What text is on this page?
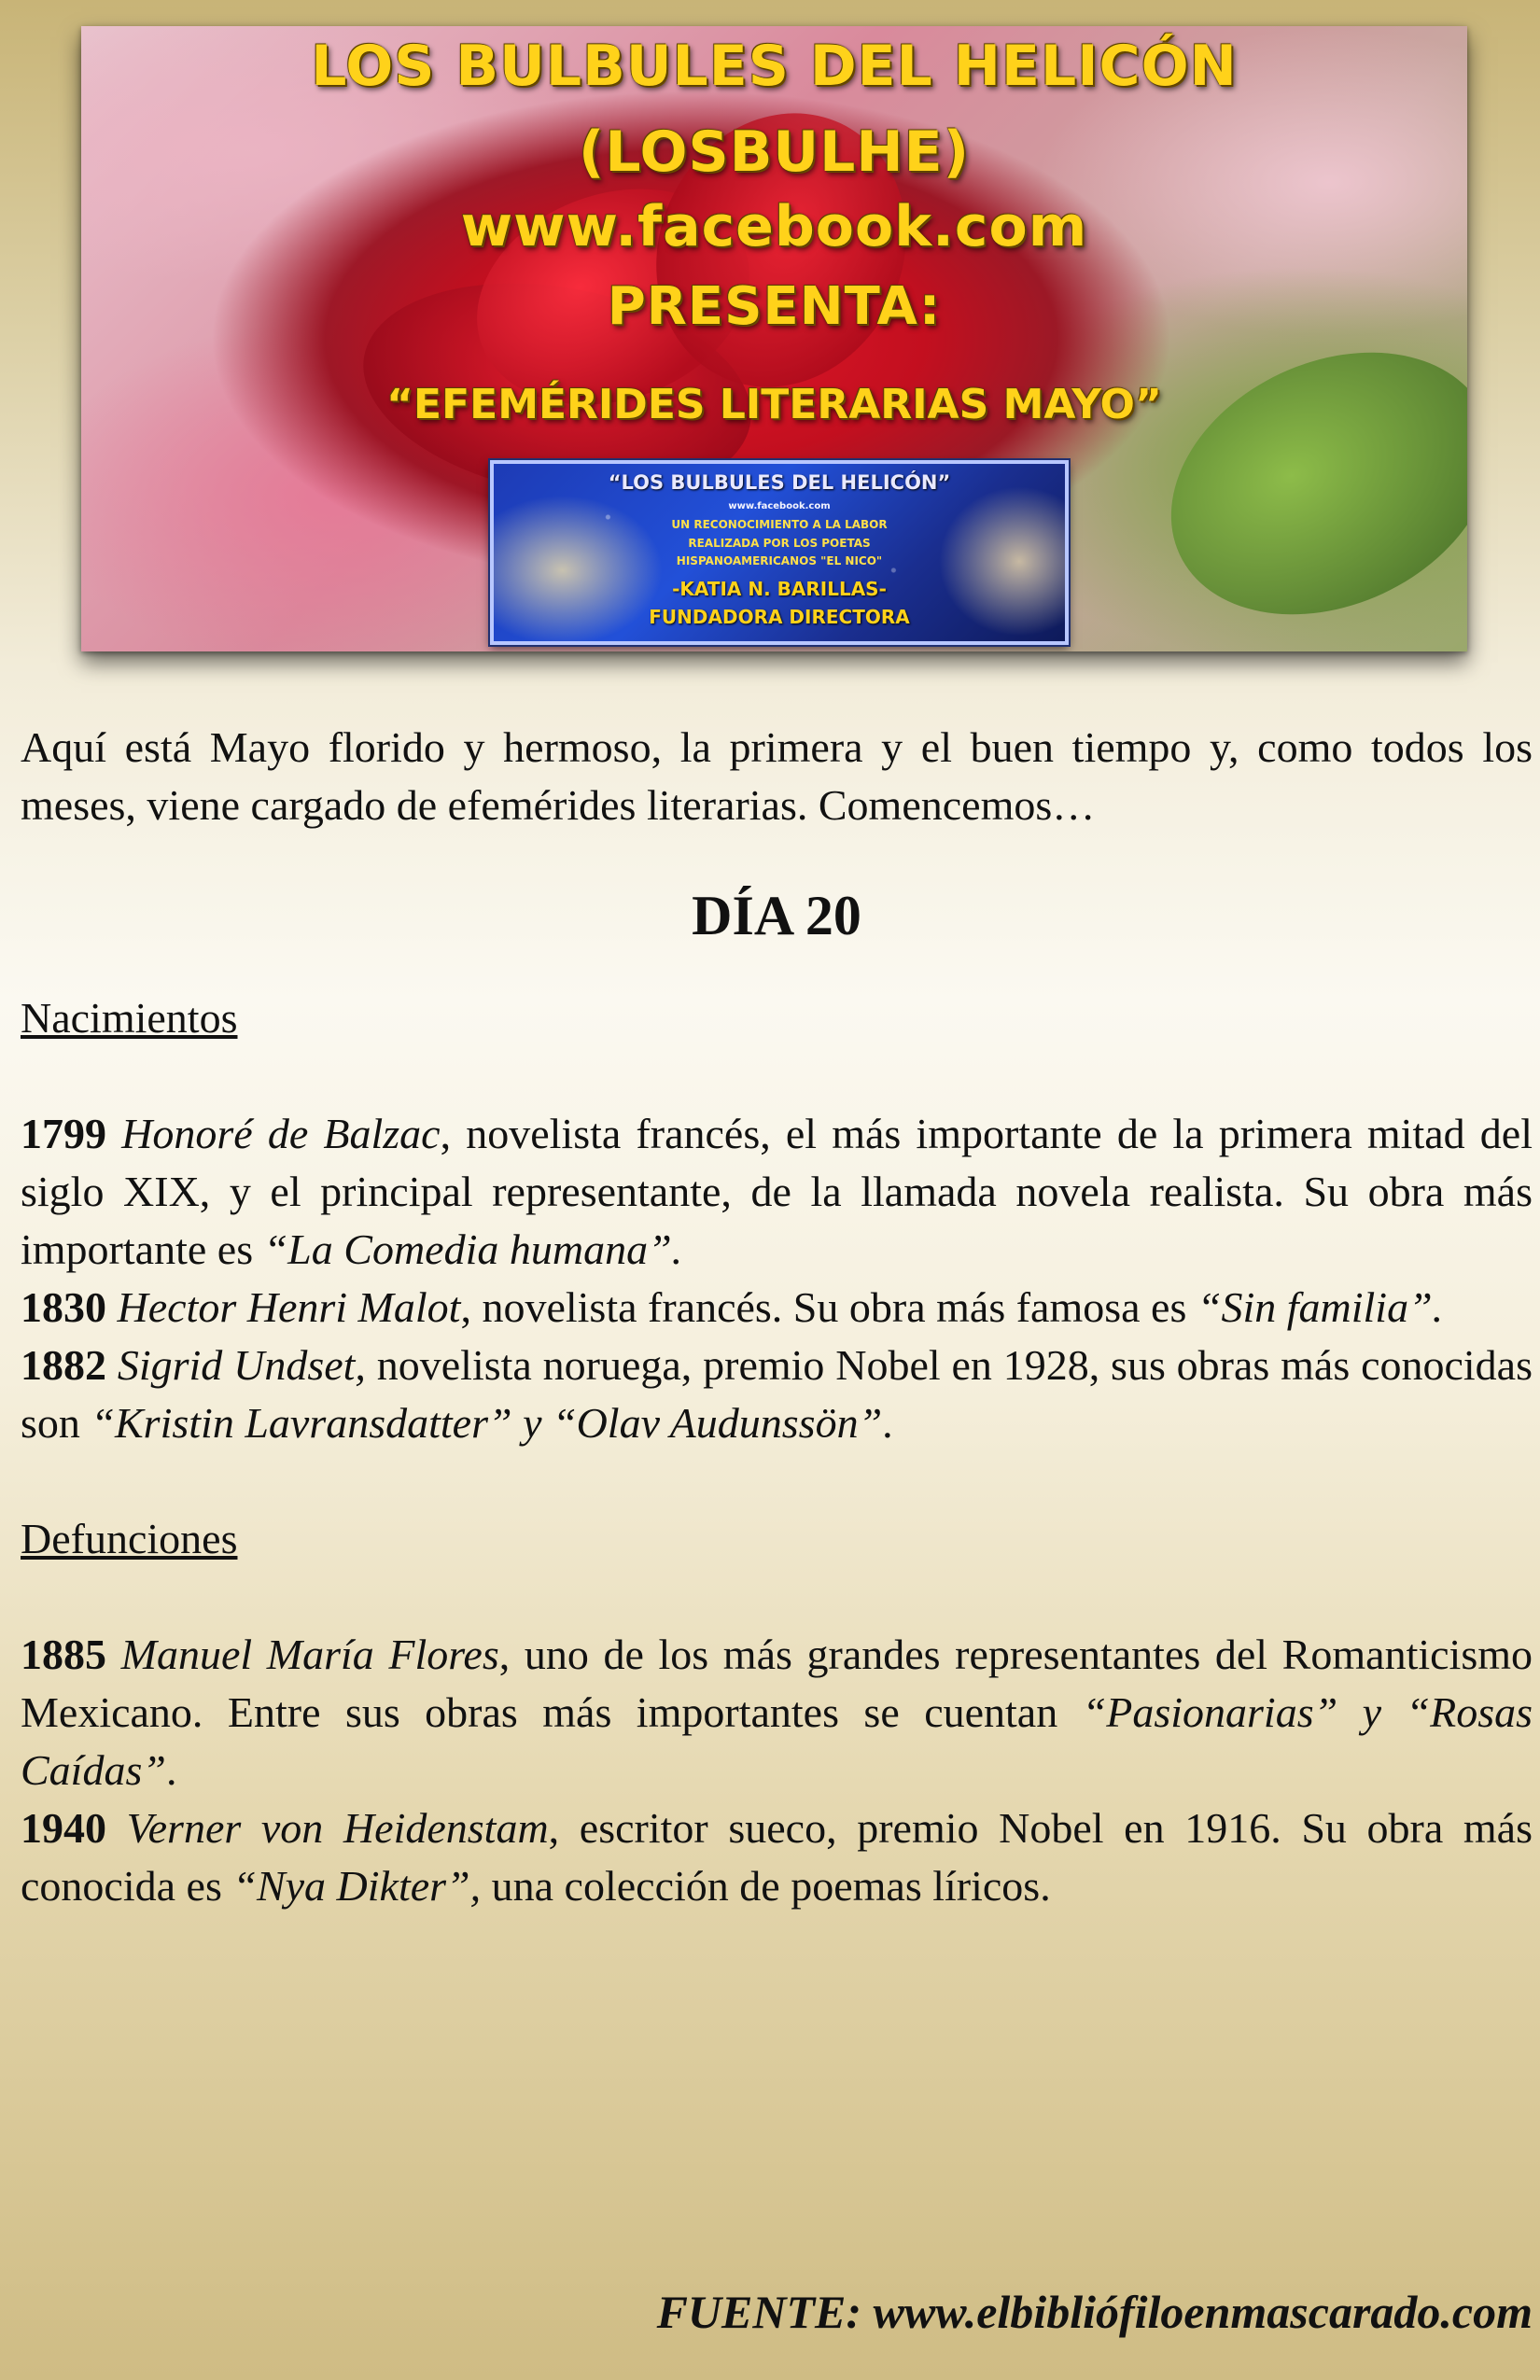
LOS BULBULES DEL HELICÓN

(LOSBULHE)

www.facebook.com

PRESENTA:

“EFEMÉRIDES LITERARIAS MAYO”

“LOS BULBULES DEL HELICÓN”
www.facebook.com
UN RECONOCIMIENTO A LA LABOR
REALIZADA POR LOS POETAS
HISPANOAMERICANOS "EL NICO"
-KATIA N. BARILLAS-
FUNDADORA DIRECTORA

Aquí está Mayo florido y hermoso, la primera y el buen tiempo y, como todos los meses, viene cargado de efemérides literarias. Comencemos…

DÍA 20

Nacimientos

1799 Honoré de Balzac, novelista francés, el más importante de la primera mitad del siglo XIX, y el principal representante, de la llamada novela realista. Su obra más importante es “La Comedia humana”.

1830 Hector Henri Malot, novelista francés. Su obra más famosa es “Sin familia”.

1882 Sigrid Undset, novelista noruega, premio Nobel en 1928, sus obras más conocidas son “Kristin Lavransdatter” y “Olav Audunssön”.

Defunciones

1885 Manuel María Flores, uno de los más grandes representantes del Romanticismo Mexicano. Entre sus obras más importantes se cuentan “Pasionarias” y “Rosas Caídas”.

1940 Verner von Heidenstam, escritor sueco, premio Nobel en 1916. Su obra más conocida es “Nya Dikter”, una colección de poemas líricos.

FUENTE: www.elbibliófiloenmascarado.com
